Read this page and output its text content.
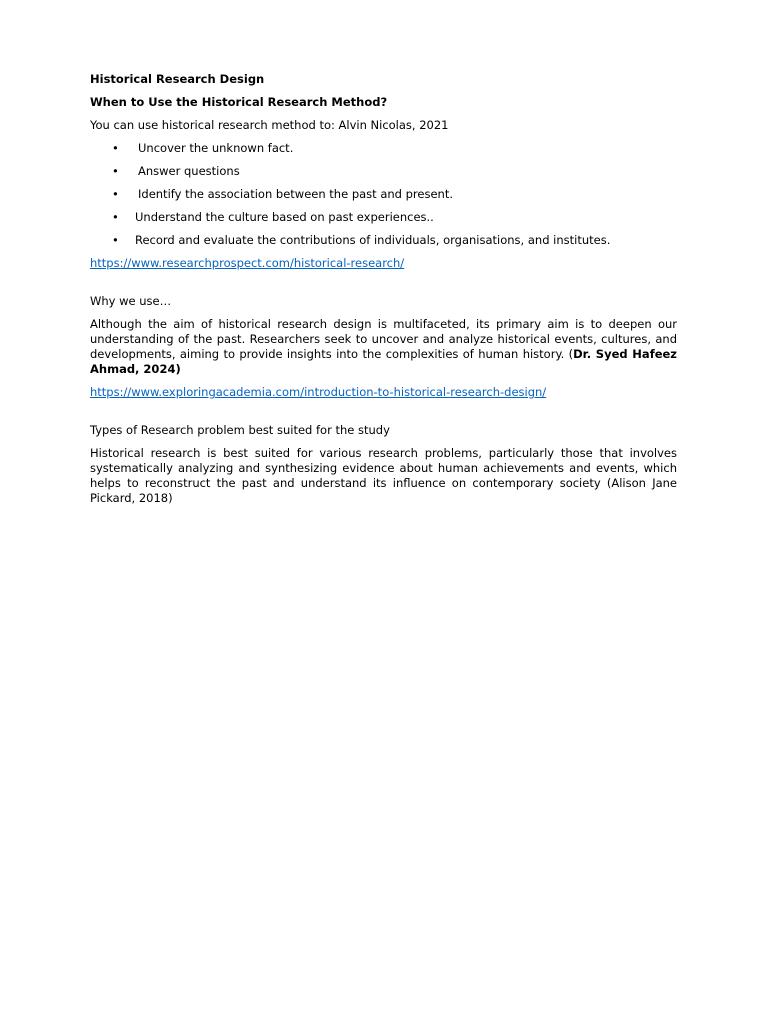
Historical Research Design

When to Use the Historical Research Method?

You can use historical research method to: Alvin Nicolas, 2021

• Uncover the unknown fact.
• Answer questions
• Identify the association between the past and present.
• Understand the culture based on past experiences..
• Record and evaluate the contributions of individuals, organisations, and institutes.

https://www.researchprospect.com/historical-research/

Why we use…

Although the aim of historical research design is multifaceted, its primary aim is to deepen our understanding of the past. Researchers seek to uncover and analyze historical events, cultures, and developments, aiming to provide insights into the complexities of human history. (Dr. Syed Hafeez Ahmad, 2024)

https://www.exploringacademia.com/introduction-to-historical-research-design/

Types of Research problem best suited for the study

Historical research is best suited for various research problems, particularly those that involves systematically analyzing and synthesizing evidence about human achievements and events, which helps to reconstruct the past and understand its influence on contemporary society (Alison Jane Pickard, 2018)
